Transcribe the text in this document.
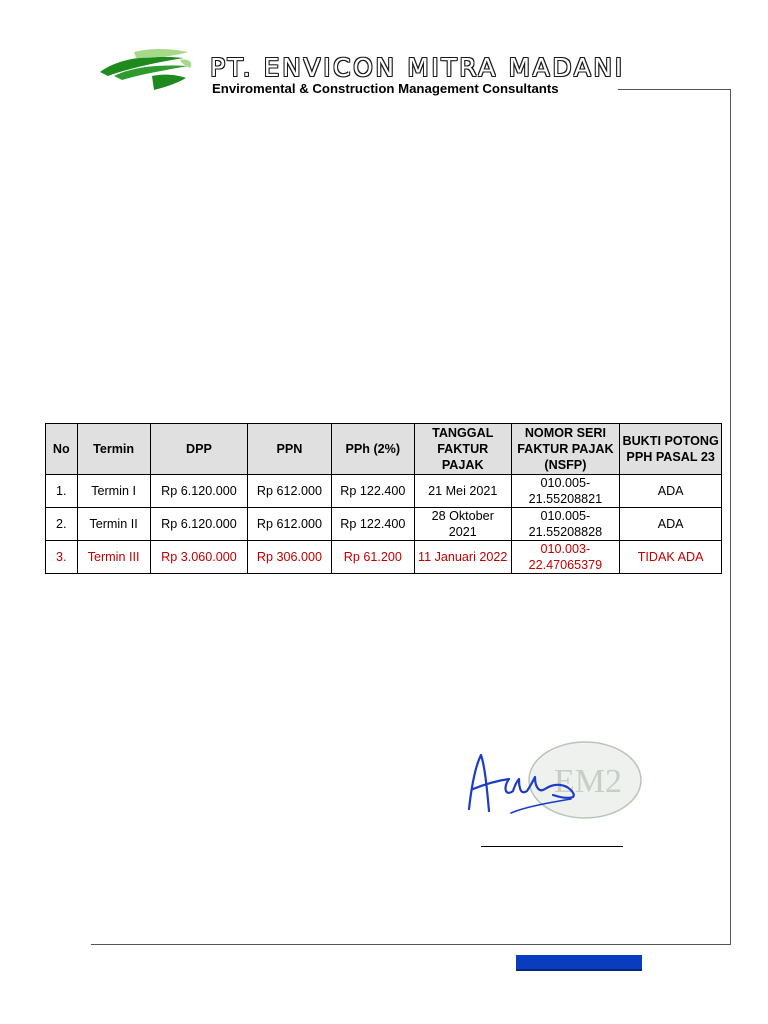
PT. ENVICON MITRA MADANI

Enviromental & Construction Management Consultants

No	Termin	DPP	PPN	PPh (2%)	TANGGAL FAKTUR PAJAK	NOMOR SERI FAKTUR PAJAK (NSFP)	BUKTI POTONG PPH PASAL 23
1.	Termin I	Rp 6.120.000	Rp 612.000	Rp 122.400	21 Mei 2021	010.005-21.55208821	ADA
2.	Termin II	Rp 6.120.000	Rp 612.000	Rp 122.400	28 Oktober 2021	010.005-21.55208828	ADA
3.	Termin III	Rp 3.060.000	Rp 306.000	Rp 61.200	11 Januari 2022	010.003-22.47065379	TIDAK ADA
EM2
